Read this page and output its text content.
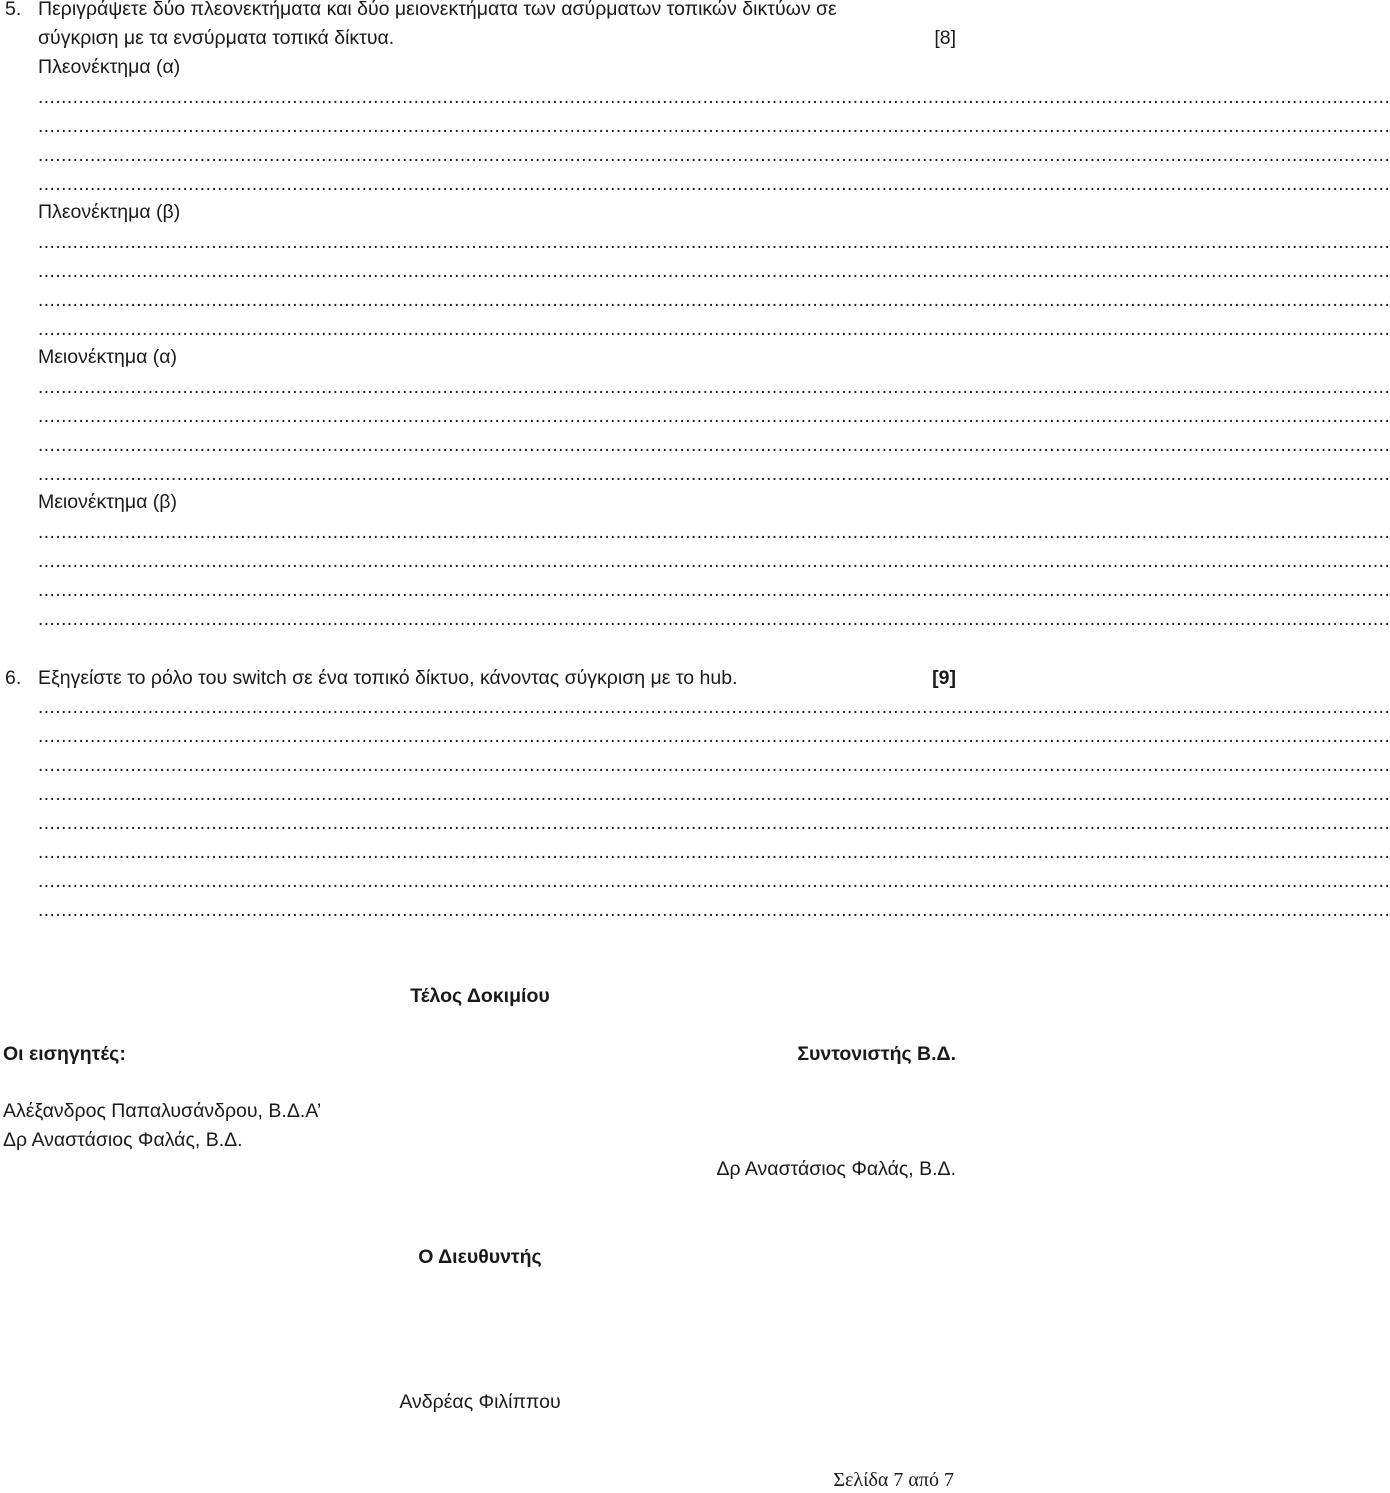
5. Περιγράψετε δύο πλεονεκτήματα και δύο μειονεκτήματα των ασύρματων τοπικών δικτύων σε
σύγκριση με τα ενσύρματα τοπικά δίκτυα.	[8]
Πλεονέκτημα (α)
..........................................................................................................................................................................................................................................
..........................................................................................................................................................................................................................................
..........................................................................................................................................................................................................................................
..........................................................................................................................................................................................................................................
Πλεονέκτημα (β)
..........................................................................................................................................................................................................................................
..........................................................................................................................................................................................................................................
..........................................................................................................................................................................................................................................
..........................................................................................................................................................................................................................................
Μειονέκτημα (α)
..........................................................................................................................................................................................................................................
..........................................................................................................................................................................................................................................
..........................................................................................................................................................................................................................................
..........................................................................................................................................................................................................................................
Μειονέκτημα (β)
..........................................................................................................................................................................................................................................
..........................................................................................................................................................................................................................................
..........................................................................................................................................................................................................................................
..........................................................................................................................................................................................................................................
6. Εξηγείστε το ρόλο του switch σε ένα τοπικό δίκτυο, κάνοντας σύγκριση με το hub.	[9]
..........................................................................................................................................................................................................................................
..........................................................................................................................................................................................................................................
..........................................................................................................................................................................................................................................
..........................................................................................................................................................................................................................................
..........................................................................................................................................................................................................................................
..........................................................................................................................................................................................................................................
..........................................................................................................................................................................................................................................
..........................................................................................................................................................................................................................................
Τέλος Δοκιμίου
Οι εισηγητές:	Συντονιστής Β.Δ.
Αλέξανδρος Παπαλυσάνδρου, Β.Δ.Α’
Δρ Αναστάσιος Φαλάς, Β.Δ.
Δρ Αναστάσιος Φαλάς, Β.Δ.
Ο Διευθυντής
Ανδρέας Φιλίππου
Σελίδα 7 από 7
